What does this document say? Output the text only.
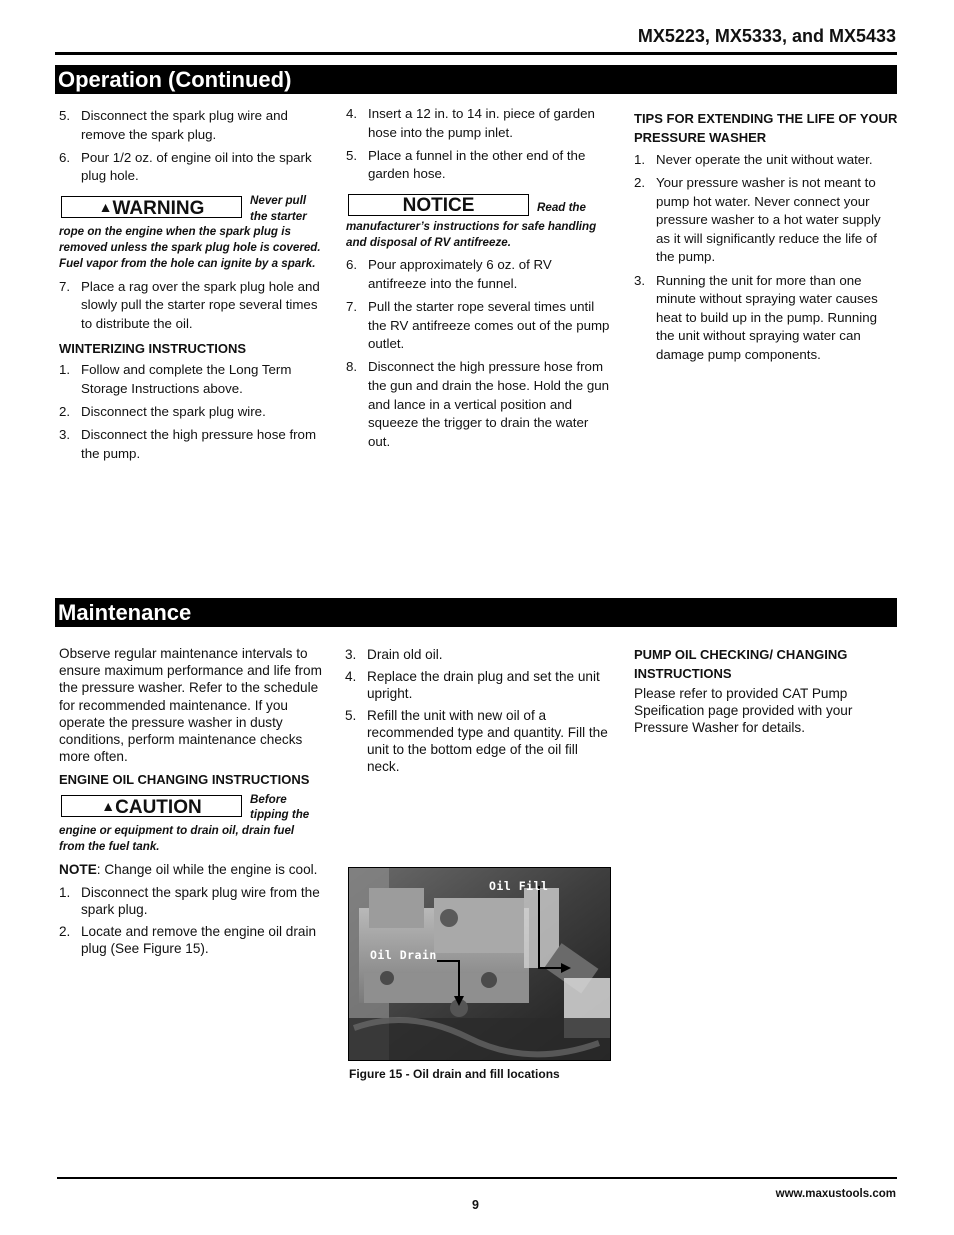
MX5223, MX5333, and MX5433
Operation (Continued)
5. Disconnect the spark plug wire and remove the spark plug.
6. Pour 1/2 oz. of engine oil into the spark plug hole.
▲WARNING	Never pull the starter rope on the engine when the spark plug is removed unless the spark plug hole is covered. Fuel vapor from the hole can ignite by a spark.
7. Place a rag over the spark plug hole and slowly pull the starter rope several times to distribute the oil.
WINTERIZING INSTRUCTIONS
1. Follow and complete the Long Term Storage Instructions above.
2. Disconnect the spark plug wire.
3. Disconnect the high pressure hose from the pump.
4. Insert a 12 in. to 14 in. piece of garden hose into the pump inlet.
5. Place a funnel in the other end of the garden hose.
NOTICE	Read the manufacturer’s instructions for safe handling and disposal of RV antifreeze.
6. Pour approximately 6 oz. of RV antifreeze into the funnel.
7. Pull the starter rope several times until the RV antifreeze comes out of the pump outlet.
8. Disconnect the high pressure hose from the gun and drain the hose. Hold the gun and lance in a vertical position and squeeze the trigger to drain the water out.
TIPS FOR EXTENDING THE LIFE OF YOUR PRESSURE WASHER
1. Never operate the unit without water.
2. Your pressure washer is not meant to pump hot water. Never connect your pressure washer to a hot water supply as it will significantly reduce the life of the pump.
3. Running the unit for more than one minute without spraying water causes heat to build up in the pump. Running the unit without spraying water can damage pump components.
Maintenance
Observe regular maintenance intervals to ensure maximum performance and life from the pressure washer. Refer to the schedule for recommended maintenance. If you operate the pressure washer in dusty conditions, perform maintenance checks more often.
ENGINE OIL CHANGING INSTRUCTIONS
▲CAUTION	Before tipping the engine or equipment to drain oil, drain fuel from the fuel tank.
NOTE: Change oil while the engine is cool.
1. Disconnect the spark plug wire from the spark plug.
2. Locate and remove the engine oil drain plug (See Figure 15).
3. Drain old oil.
4. Replace the drain plug and set the unit upright.
5. Refill the unit with new oil of a recommended type and quantity. Fill the unit to the bottom edge of the oil fill neck.
Oil Fill
Oil Drain
Figure 15 - Oil drain and fill locations
PUMP OIL CHECKING/ CHANGING INSTRUCTIONS
Please refer to provided CAT Pump Speification page provided with your Pressure Washer for details.
www.maxustools.com
9
